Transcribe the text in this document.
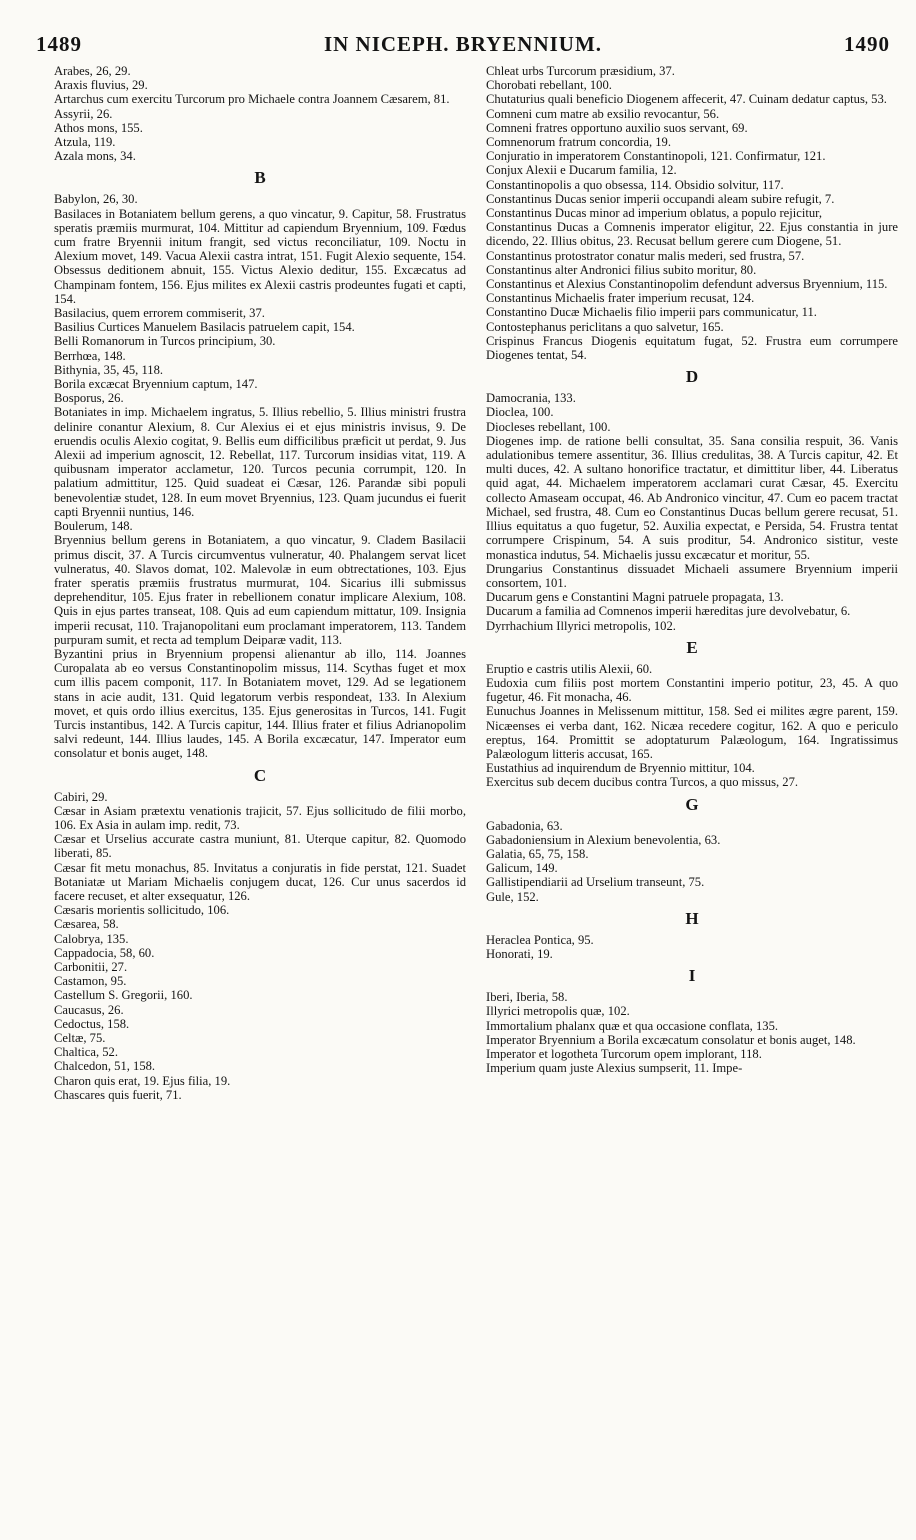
1489	IN NICEPH. BRYENNIUM.	1490
Arabes, 26, 29.
Araxis fluvius, 29.
Artarchus cum exercitu Turcorum pro Michaele contra Joannem Cæsarem, 81.
Assyrii, 26.
Athos mons, 155.
Atzula, 119.
Azala mons, 34.
B
Babylon, 26, 30.
Basilaces in Botaniatem bellum gerens, a quo vincatur, 9. Capitur, 58. Frustratus speratis præmiis murmurat, 104. Mittitur ad capiendum Bryennium, 109. Fœdus cum fratre Bryennii initum frangit, sed victus reconciliatur, 109. Noctu in Alexium movet, 149. Vacua Alexii castra intrat, 151. Fugit Alexio sequente, 154. Obsessus deditionem abnuit, 155. Victus Alexio deditur, 155. Excæcatus ad Champinam fontem, 156. Ejus milites ex Alexii castris prodeuntes fugati et capti, 154.
Basilacius, quem errorem commiserit, 37.
Basilius Curtices Manuelem Basilacis patruelem capit, 154.
Belli Romanorum in Turcos principium, 30.
Berrhœa, 148.
Bithynia, 35, 45, 118.
Borila excæcat Bryennium captum, 147.
Bosporus, 26.
Botaniates in imp. Michaelem ingratus, 5. Illius rebellio, 5. Illius ministri frustra delinire conantur Alexium, 8. Cur Alexius ei et ejus ministris invisus, 9. De eruendis oculis Alexio cogitat, 9. Bellis eum difficilibus præficit ut perdat, 9. Jus Alexii ad imperium agnoscit, 12. Rebellat, 117. Turcorum insidias vitat, 119. A quibusnam imperator acclametur, 120. Turcos pecunia corrumpit, 120. In palatium admittitur, 125. Quid suadeat ei Cæsar, 126. Parandæ sibi populi benevolentiæ studet, 128. In eum movet Bryennius, 123. Quam jucundus ei fuerit capti Bryennii nuntius, 146.
Boulerum, 148.
Bryennius bellum gerens in Botaniatem, a quo vincatur, 9. Cladem Basilacii primus discit, 37. A Turcis circumventus vulneratur, 40. Phalangem servat licet vulneratus, 40. Slavos domat, 102. Malevolæ in eum obtrectationes, 103. Ejus frater speratis præmiis frustratus murmurat, 104. Sicarius illi submissus deprehenditur, 105. Ejus frater in rebellionem conatur implicare Alexium, 108. Quis in ejus partes transeat, 108. Quis ad eum capiendum mittatur, 109. Insignia imperii recusat, 110. Trajanopolitani eum proclamant imperatorem, 113. Tandem purpuram sumit, et recta ad templum Deiparæ vadit, 113.
Byzantini prius in Bryennium propensi alienantur ab illo, 114. Joannes Curopalata ab eo versus Constantinopolim missus, 114. Scythas fuget et mox cum illis pacem componit, 117. In Botaniatem movet, 129. Ad se legationem stans in acie audit, 131. Quid legatorum verbis respondeat, 133. In Alexium movet, et quis ordo illius exercitus, 135. Ejus generositas in Turcos, 141. Fugit Turcis instantibus, 142. A Turcis capitur, 144. Illius frater et filius Adrianopolim salvi redeunt, 144. Illius laudes, 145. A Borila excæcatur, 147. Imperator eum consolatur et bonis auget, 148.
C
Cabiri, 29.
Cæsar in Asiam prætextu venationis trajicit, 57. Ejus sollicitudo de filii morbo, 106. Ex Asia in aulam imp. redit, 73.
Cæsar et Urselius accurate castra muniunt, 81. Uterque capitur, 82. Quomodo liberati, 85.
Cæsar fit metu monachus, 85. Invitatus a conjuratis in fide perstat, 121. Suadet Botaniatæ ut Mariam Michaelis conjugem ducat, 126. Cur unus sacerdos id facere recuset, et alter exsequatur, 126.
Cæsaris morientis sollicitudo, 106.
Cæsarea, 58.
Calobrya, 135.
Cappadocia, 58, 60.
Carbonitii, 27.
Castamon, 95.
Castellum S. Gregorii, 160.
Caucasus, 26.
Cedoctus, 158.
Celtæ, 75.
Chaltica, 52.
Chalcedon, 51, 158.
Charon quis erat, 19. Ejus filia, 19.
Chascares quis fuerit, 71.
Chleat urbs Turcorum præsidium, 37.
Chorobati rebellant, 100.
Chutaturius quali beneficio Diogenem affecerit, 47. Cuinam dedatur captus, 53.
Comneni cum matre ab exsilio revocantur, 56.
Comneni fratres opportuno auxilio suos servant, 69.
Comnenorum fratrum concordia, 19.
Conjuratio in imperatorem Constantinopoli, 121. Confirmatur, 121.
Conjux Alexii e Ducarum familia, 12.
Constantinopolis a quo obsessa, 114. Obsidio solvitur, 117.
Constantinus Ducas senior imperii occupandi aleam subire refugit, 7.
Constantinus Ducas minor ad imperium oblatus, a populo rejicitur,
Constantinus Ducas a Comnenis imperator eligitur, 22. Ejus constantia in jure dicendo, 22. Illius obitus, 23. Recusat bellum gerere cum Diogene, 51.
Constantinus protostrator conatur malis mederi, sed frustra, 57.
Constantinus alter Andronici filius subito moritur, 80.
Constantinus et Alexius Constantinopolim defendunt adversus Bryennium, 115.
Constantinus Michaelis frater imperium recusat, 124.
Constantino Ducæ Michaelis filio imperii pars communicatur, 11.
Contostephanus periclitans a quo salvetur, 165.
Crispinus Francus Diogenis equitatum fugat, 52. Frustra eum corrumpere Diogenes tentat, 54.
D
Damocrania, 133.
Dioclea, 100.
Diocleses rebellant, 100.
Diogenes imp. de ratione belli consultat, 35. Sana consilia respuit, 36. Vanis adulationibus temere assentitur, 36. Illius credulitas, 38. A Turcis capitur, 42. Et multi duces, 42. A sultano honorifice tractatur, et dimittitur liber, 44. Liberatus quid agat, 44. Michaelem imperatorem acclamari curat Cæsar, 45. Exercitu collecto Amaseam occupat, 46. Ab Andronico vincitur, 47. Cum eo pacem tractat Michael, sed frustra, 48. Cum eo Constantinus Ducas bellum gerere recusat, 51. Illius equitatus a quo fugetur, 52. Auxilia expectat, e Persida, 54. Frustra tentat corrumpere Crispinum, 54. A suis proditur, 54. Andronico sistitur, veste monastica indutus, 54. Michaelis jussu excæcatur et moritur, 55.
Drungarius Constantinus dissuadet Michaeli assumere Bryennium imperii consortem, 101.
Ducarum gens e Constantini Magni patruele propagata, 13.
Ducarum a familia ad Comnenos imperii hæreditas jure devolvebatur, 6.
Dyrrhachium Illyrici metropolis, 102.
E
Eruptio e castris utilis Alexii, 60.
Eudoxia cum filiis post mortem Constantini imperio potitur, 23, 45. A quo fugetur, 46. Fit monacha, 46.
Eunuchus Joannes in Melissenum mittitur, 158. Sed ei milites ægre parent, 159. Nicæenses ei verba dant, 162. Nicæa recedere cogitur, 162. A quo e periculo ereptus, 164. Promittit se adoptaturum Palæologum, 164. Ingratissimus Palæologum litteris accusat, 165.
Eustathius ad inquirendum de Bryennio mittitur, 104.
Exercitus sub decem ducibus contra Turcos, a quo missus, 27.
G
Gabadonia, 63.
Gabadoniensium in Alexium benevolentia, 63.
Galatia, 65, 75, 158.
Galicum, 149.
Gallistipendiarii ad Urselium transeunt, 75.
Gule, 152.
H
Heraclea Pontica, 95.
Honorati, 19.
I
Iberi, Iberia, 58.
Illyrici metropolis quæ, 102.
Immortalium phalanx quæ et qua occasione conflata, 135.
Imperator Bryennium a Borila excæcatum consolatur et bonis auget, 148.
Imperator et logotheta Turcorum opem implorant, 118.
Imperium quam juste Alexius sumpserit, 11. Impe-
